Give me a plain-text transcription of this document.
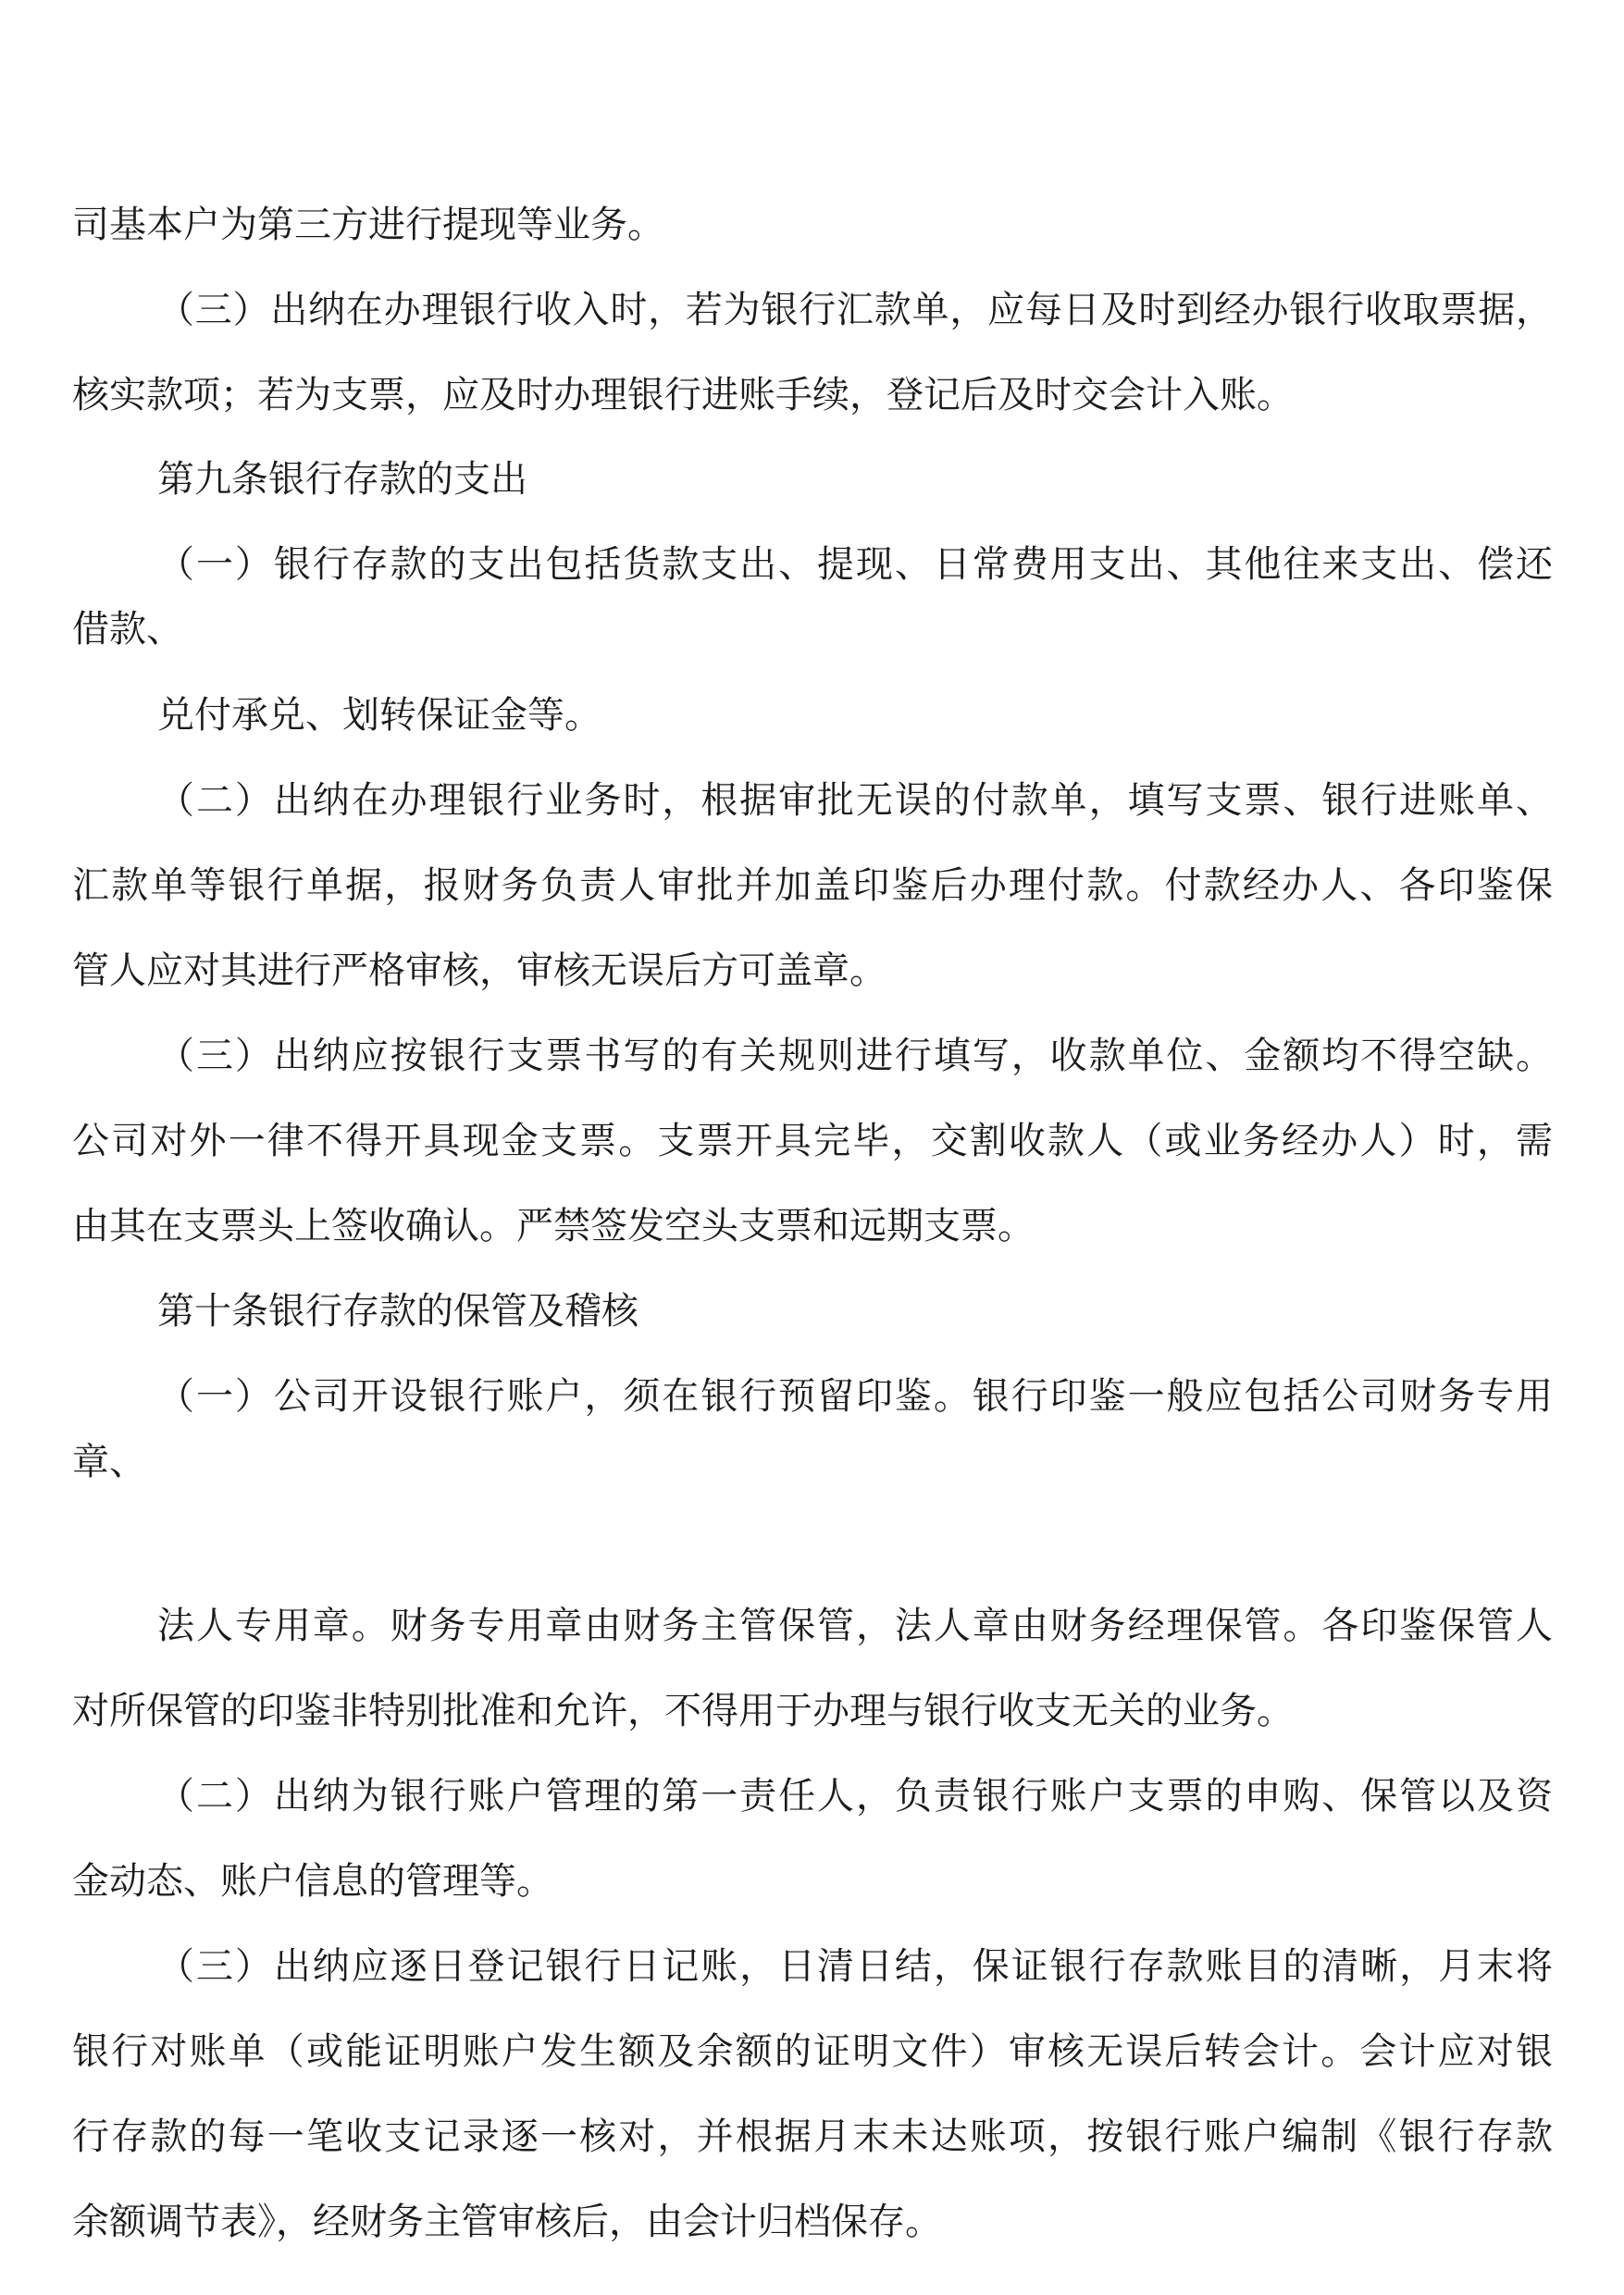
司基本户为第三方进行提现等业务。
（三）出纳在办理银行收入时，若为银行汇款单，应每日及时到经办银行收取票据，
核实款项；若为支票，应及时办理银行进账手续，登记后及时交会计入账。
第九条银行存款的支出
（一）银行存款的支出包括货款支出、提现、日常费用支出、其他往来支出、偿还
借款、
兑付承兑、划转保证金等。
（二）出纳在办理银行业务时，根据审批无误的付款单，填写支票、银行进账单、
汇款单等银行单据，报财务负责人审批并加盖印鉴后办理付款。付款经办人、各印鉴保
管人应对其进行严格审核，审核无误后方可盖章。
（三）出纳应按银行支票书写的有关规则进行填写，收款单位、金额均不得空缺。
公司对外一律不得开具现金支票。支票开具完毕，交割收款人（或业务经办人）时，需
由其在支票头上签收确认。严禁签发空头支票和远期支票。
第十条银行存款的保管及稽核
（一）公司开设银行账户，须在银行预留印鉴。银行印鉴一般应包括公司财务专用
章、
法人专用章。财务专用章由财务主管保管，法人章由财务经理保管。各印鉴保管人
对所保管的印鉴非特别批准和允许，不得用于办理与银行收支无关的业务。
（二）出纳为银行账户管理的第一责任人，负责银行账户支票的申购、保管以及资
金动态、账户信息的管理等。
（三）出纳应逐日登记银行日记账，日清日结，保证银行存款账目的清晰，月末将
银行对账单（或能证明账户发生额及余额的证明文件）审核无误后转会计。会计应对银
行存款的每一笔收支记录逐一核对，并根据月末未达账项，按银行账户编制《银行存款
余额调节表》，经财务主管审核后，由会计归档保存。
